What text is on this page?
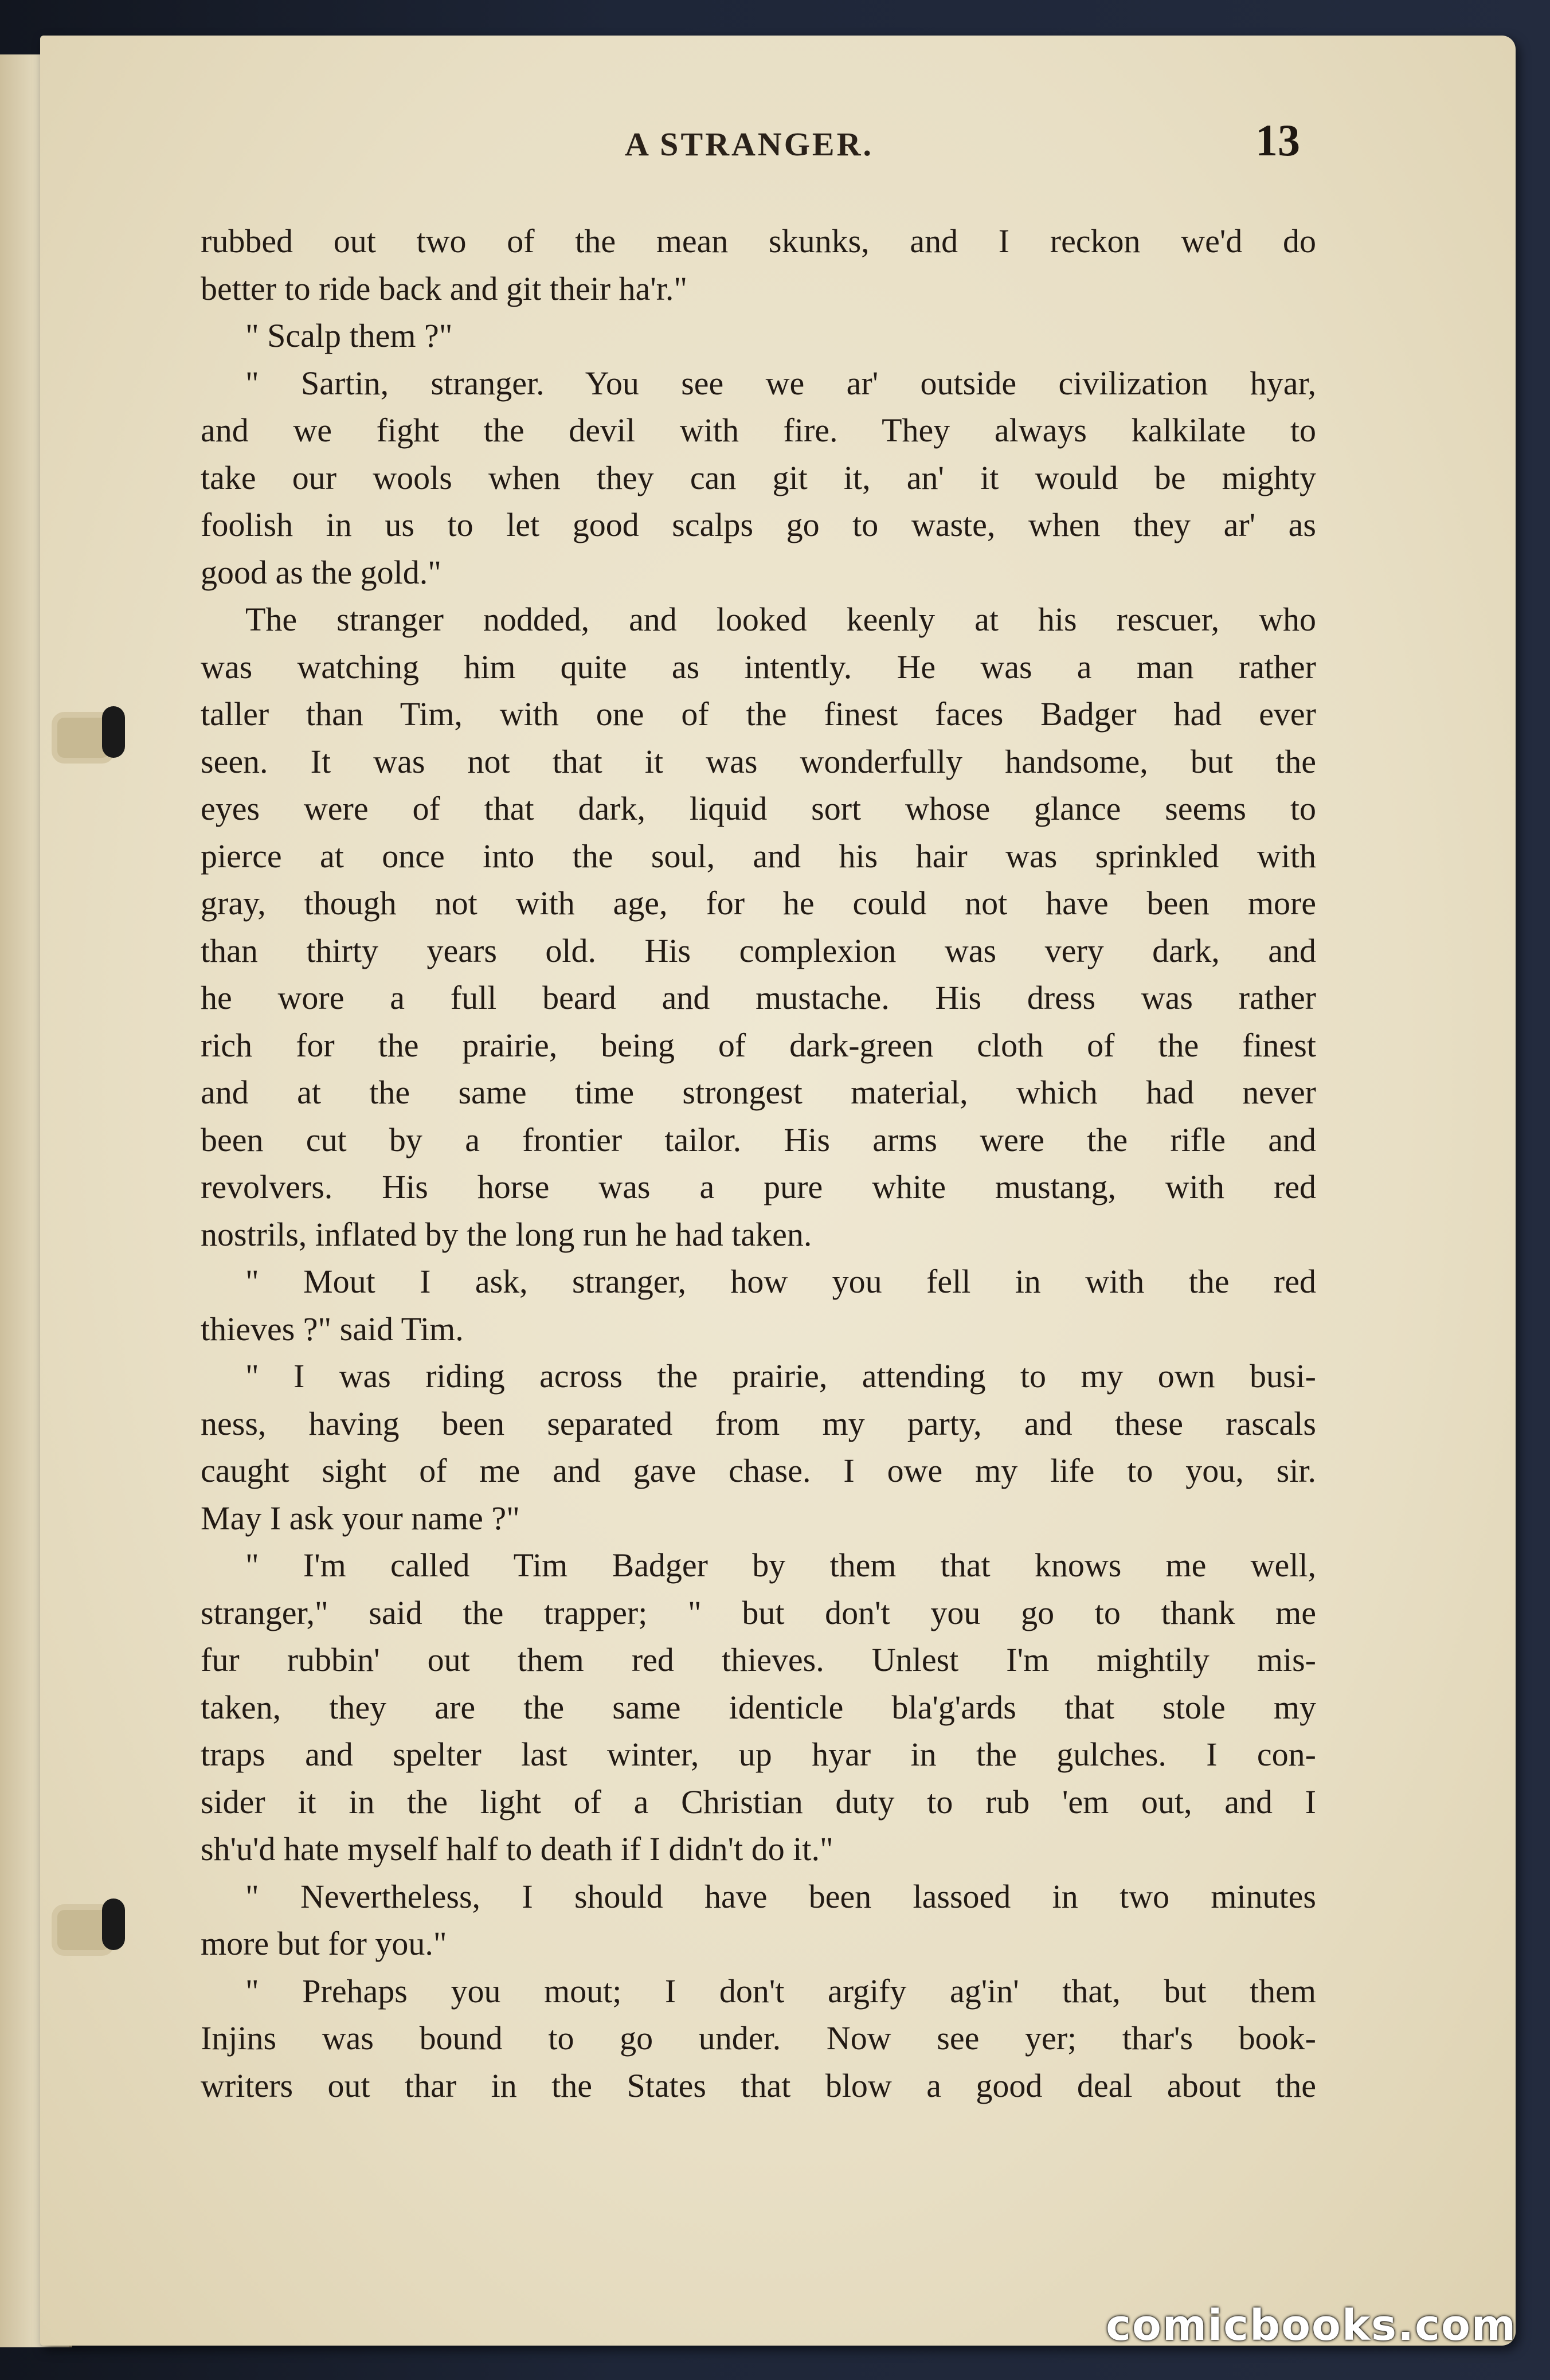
A STRANGER.	13
rubbed out two of the mean skunks, and I reckon we'd do
better to ride back and git their ha'r."
" Scalp them ?"
" Sartin, stranger. You see we ar' outside civilization hyar,
and we fight the devil with fire. They always kalkilate to
take our wools when they can git it, an' it would be mighty
foolish in us to let good scalps go to waste, when they ar' as
good as the gold."
The stranger nodded, and looked keenly at his rescuer, who
was watching him quite as intently. He was a man rather
taller than Tim, with one of the finest faces Badger had ever
seen. It was not that it was wonderfully handsome, but the
eyes were of that dark, liquid sort whose glance seems to
pierce at once into the soul, and his hair was sprinkled with
gray, though not with age, for he could not have been more
than thirty years old. His complexion was very dark, and
he wore a full beard and mustache. His dress was rather
rich for the prairie, being of dark-green cloth of the finest
and at the same time strongest material, which had never
been cut by a frontier tailor. His arms were the rifle and
revolvers. His horse was a pure white mustang, with red
nostrils, inflated by the long run he had taken.
" Mout I ask, stranger, how you fell in with the red
thieves ?" said Tim.
" I was riding across the prairie, attending to my own busi-
ness, having been separated from my party, and these rascals
caught sight of me and gave chase. I owe my life to you, sir.
May I ask your name ?"
" I'm called Tim Badger by them that knows me well,
stranger," said the trapper; " but don't you go to thank me
fur rubbin' out them red thieves. Unlest I'm mightily mis-
taken, they are the same identicle bla'g'ards that stole my
traps and spelter last winter, up hyar in the gulches. I con-
sider it in the light of a Christian duty to rub 'em out, and I
sh'u'd hate myself half to death if I didn't do it."
" Nevertheless, I should have been lassoed in two minutes
more but for you."
" Prehaps you mout; I don't argify ag'in' that, but them
Injins was bound to go under. Now see yer; thar's book-
writers out thar in the States that blow a good deal about the
comicbooks.com
